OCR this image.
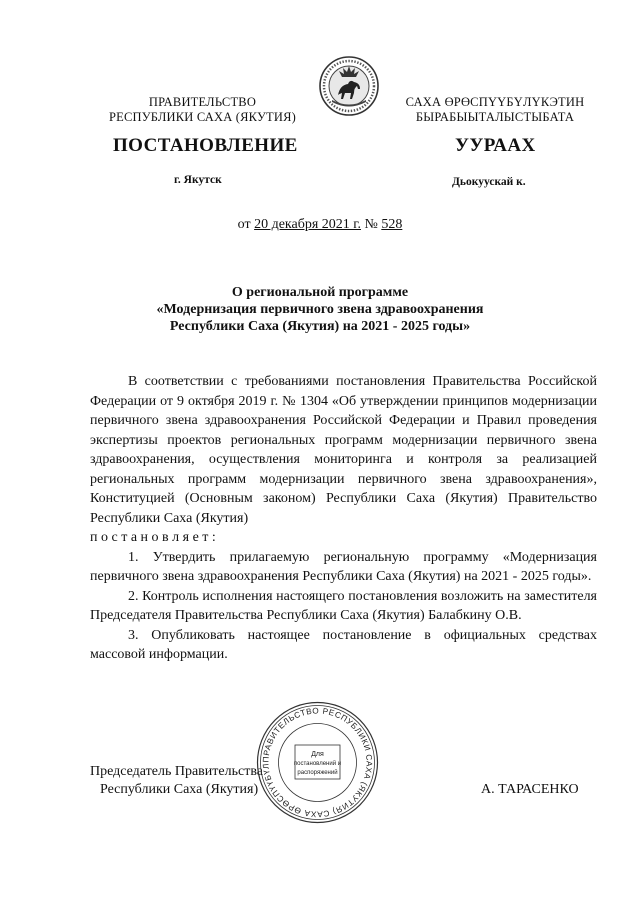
ПРАВИТЕЛЬСТВО
РЕСПУБЛИКИ САХА (ЯКУТИЯ)
САХА ӨРӨСПҮҮБҮЛҮКЭТИН
БЫРАБЫЫТАЛЫСТЫБАТА
ПОСТАНОВЛЕНИЕ	УУРААХ
г. Якутск	Дьокуускай к.
от 20 декабря 2021 г. № 528
О региональной программе
«Модернизация первичного звена здравоохранения
Республики Саха (Якутия) на 2021 - 2025 годы»

В соответствии с требованиями постановления Правительства Российской Федерации от 9 октября 2019 г. № 1304 «Об утверждении принципов модернизации первичного звена здравоохранения Российской Федерации и Правил проведения экспертизы проектов региональных программ модернизации первичного звена здравоохранения, осуществления мониторинга и контроля за реализацией региональных программ модернизации первичного звена здравоохранения», Конституцией (Основным законом) Республики Саха (Якутия) Правительство Республики Саха (Якутия)

п о с т а н о в л я е т :

1. Утвердить прилагаемую региональную программу «Модернизация первичного звена здравоохранения Республики Саха (Якутия) на 2021 - 2025 годы».

2. Контроль исполнения настоящего постановления возложить на заместителя Председателя Правительства Республики Саха (Якутия) Балабкину О.В.

3. Опубликовать настоящее постановление в официальных средствах массовой информации.

Председатель Правительства
Республики Саха (Якутия)	А. ТАРАСЕНКО
ПРАВИТЕЛЬСТВО РЕСПУБЛИКИ САХА (ЯКУТИЯ) САХА ӨРӨСПҮҮБҮЛ
Для
постановлений и
распоряжений
